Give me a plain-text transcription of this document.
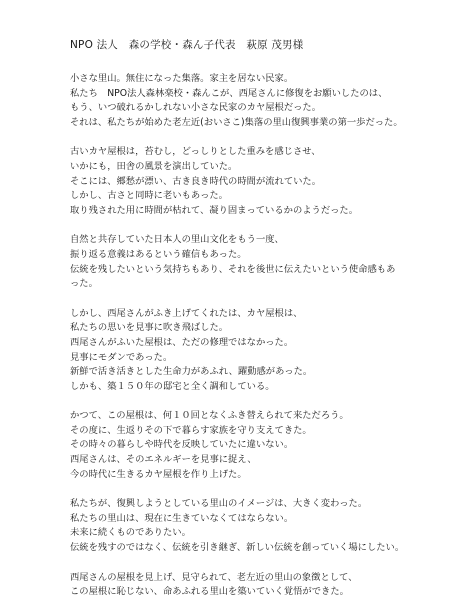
NPO 法人　森の学校・森ん子代表　萩原 茂男様
小さな里山。無住になった集落。家主を居ない民家。
私たち　NPO法人森林楽校・森んこが、西尾さんに修復をお願いしたのは、
もう、いつ破れるかしれない小さな民家のカヤ屋根だった。
それは、私たちが始めた老左近(おいさこ)集落の里山復興事業の第一歩だった。
古いカヤ屋根は，苔むし，どっしりとした重みを感じさせ、
いかにも，田舎の風景を演出していた。
そこには、郷愁が漂い、古き良き時代の時間が流れていた。
しかし、古さと同時に老いもあった。
取り残された用に時間が枯れて、凝り固まっているかのようだった。
自然と共存していた日本人の里山文化をもう一度、
振り返る意義はあるという確信もあった。
伝統を残したいという気持ちもあり、それを後世に伝えたいという使命感もあ
った。
しかし、西尾さんがふき上げてくれたは、カヤ屋根は、
私たちの思いを見事に吹き飛ばした。
西尾さんがふいた屋根は、ただの修理ではなかった。
見事にモダンであった。
新鮮で活き活きとした生命力があふれ、躍動感があった。
しかも、築１５０年の邸宅と全く調和している。
かつて、この屋根は、何１０回となくふき替えられて来ただろう。
その度に、生返りその下で暮らす家族を守り支えてきた。
その時々の暮らしや時代を反映していたに違いない。
西尾さんは、そのエネルギーを見事に捉え、
今の時代に生きるカヤ屋根を作り上げた。
私たちが、復興しようとしている里山のイメージは、大きく変わった。
私たちの里山は、現在に生きていなくてはならない。
未来に続くものでありたい。
伝統を残すのではなく、伝統を引き継ぎ、新しい伝統を創っていく場にしたい。
西尾さんの屋根を見上げ、見守られて、老左近の里山の象徴として、
この屋根に恥じない、命あふれる里山を築いていく覚悟ができた。
